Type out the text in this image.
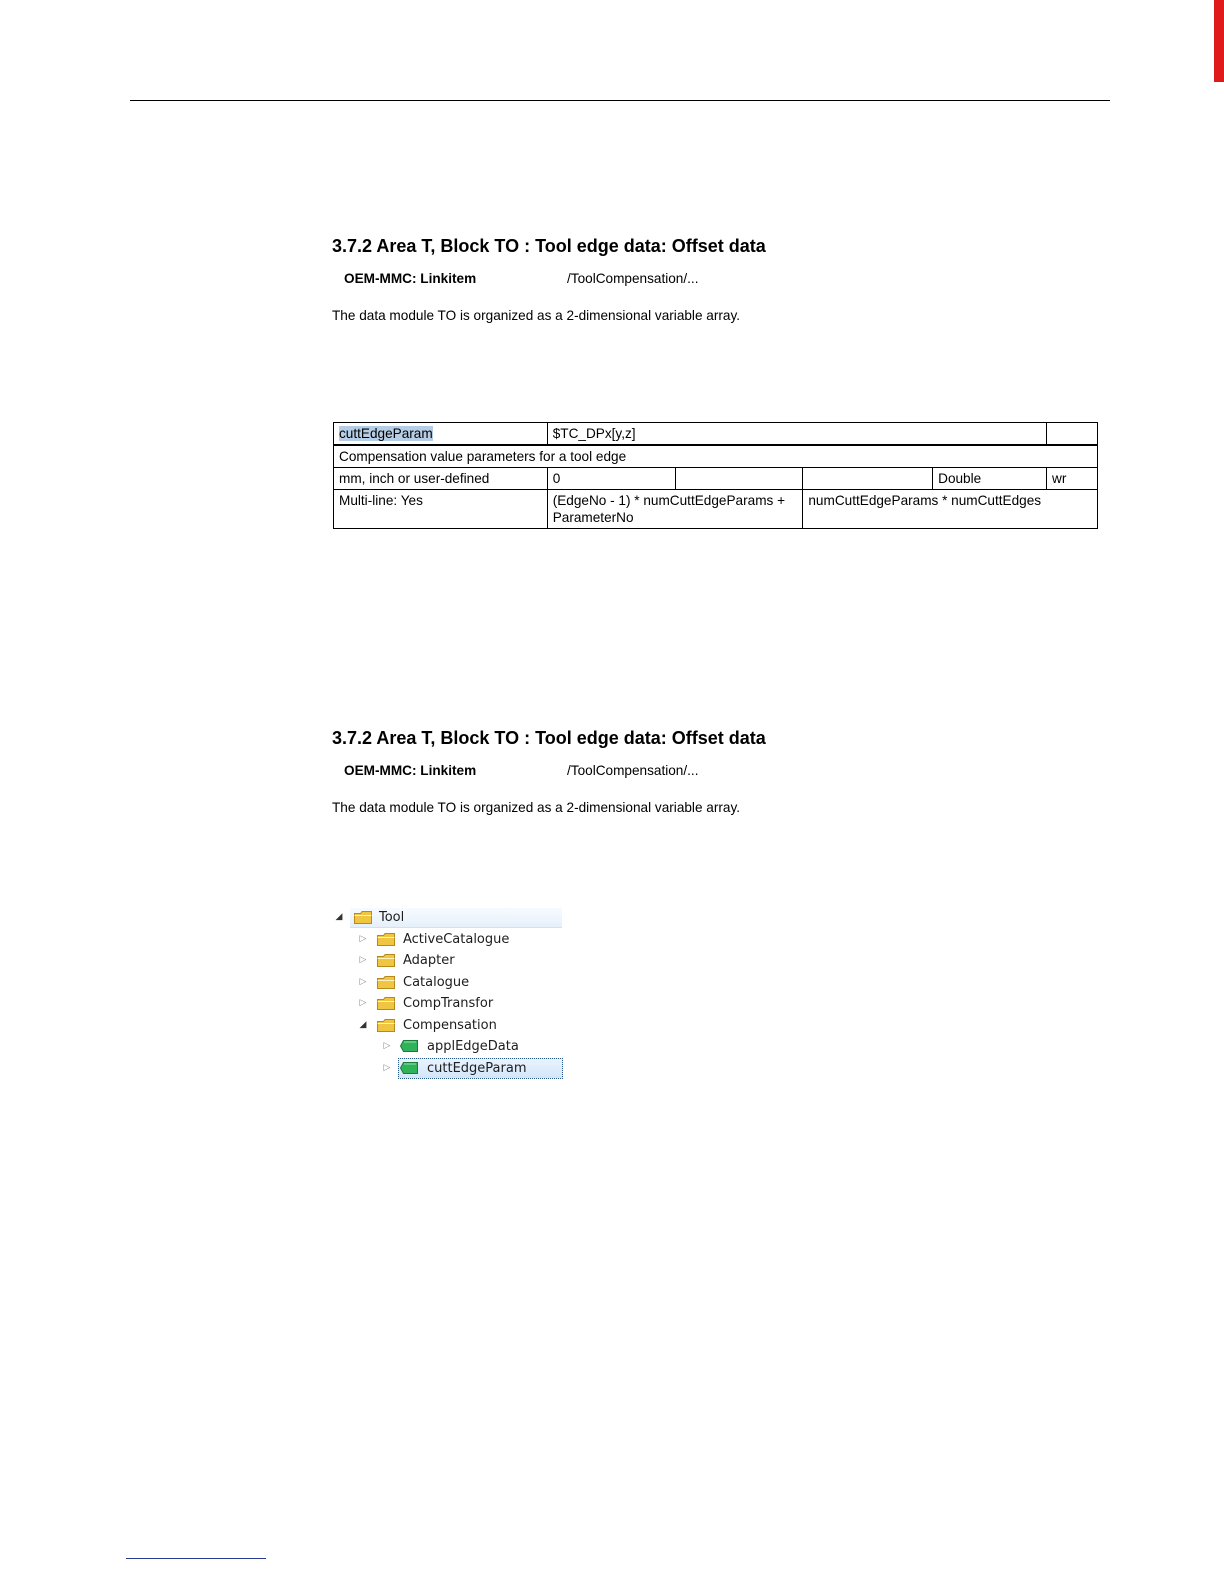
3.7.2 Area T, Block TO : Tool edge data: Offset data
OEM-MMC: Linkitem	/ToolCompensation/...
The data module TO is organized as a 2-dimensional variable array.
cuttEdgeParam	$TC_DPx[y,z]				
Compensation value parameters for a tool edge					
mm, inch or user-defined	0			Double	wr
Multi-line: Yes	(EdgeNo - 1) * numCuttEdgeParams + ParameterNo		numCuttEdgeParams * numCuttEdges		
3.7.2 Area T, Block TO : Tool edge data: Offset data
OEM-MMC: Linkitem	/ToolCompensation/...
The data module TO is organized as a 2-dimensional variable array.
◢	Tool
▷	ActiveCatalogue
▷	Adapter
▷	Catalogue
▷	CompTransfor
◢	Compensation
▷	applEdgeData
▷	cuttEdgeParam
